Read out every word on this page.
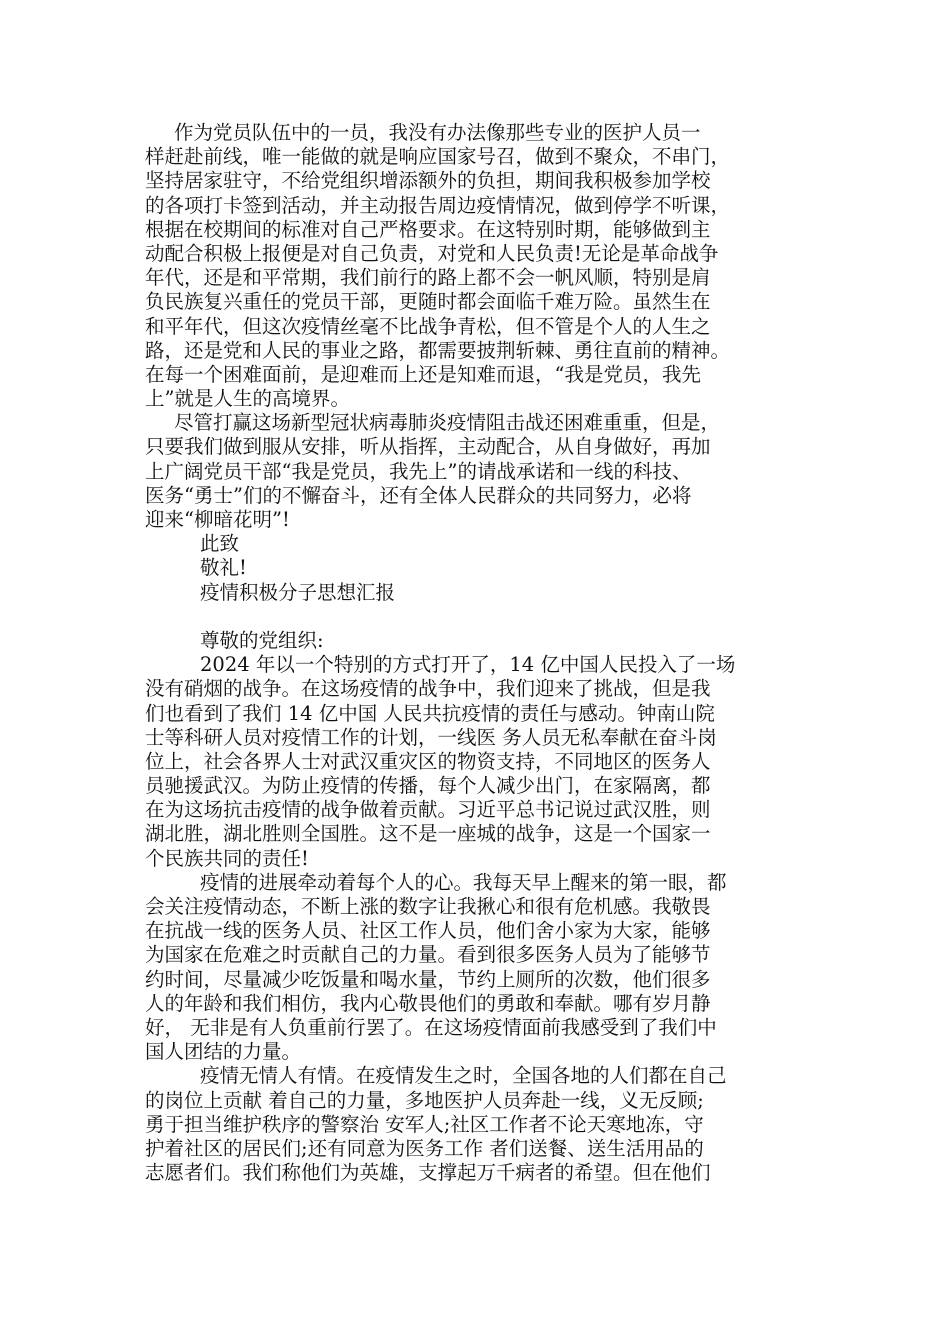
作为党员队伍中的一员，我没有办法像那些专业的医护人员一
样赶赴前线，唯一能做的就是响应国家号召，做到不聚众，不串门，
坚持居家驻守，不给党组织增添额外的负担，期间我积极参加学校
的各项打卡签到活动，并主动报告周边疫情情况，做到停学不听课，
根据在校期间的标准对自己严格要求。在这特别时期，能够做到主
动配合积极上报便是对自己负责，对党和人民负责!无论是革命战争
年代，还是和平常期，我们前行的路上都不会一帆风顺，特别是肩
负民族复兴重任的党员干部，更随时都会面临千难万险。虽然生在
和平年代，但这次疫情丝毫不比战争青松，但不管是个人的人生之
路，还是党和人民的事业之路，都需要披荆斩棘、勇往直前的精神。
在每一个困难面前，是迎难而上还是知难而退，“我是党员，我先
上”就是人生的高境界。
尽管打赢这场新型冠状病毒肺炎疫情阻击战还困难重重，但是，
只要我们做到服从安排，听从指挥，主动配合，从自身做好，再加
上广阔党员干部“我是党员，我先上”的请战承诺和一线的科技、
医务“勇士”们的不懈奋斗，还有全体人民群众的共同努力，必将
迎来“柳暗花明”!
此致
敬礼!
疫情积极分子思想汇报
尊敬的党组织:
2024 年以一个特别的方式打开了，14 亿中国人民投入了一场
没有硝烟的战争。在这场疫情的战争中，我们迎来了挑战，但是我
们也看到了我们 14 亿中国 人民共抗疫情的责任与感动。钟南山院
士等科研人员对疫情工作的计划，一线医 务人员无私奉献在奋斗岗
位上，社会各界人士对武汉重灾区的物资支持，不同地区的医务人
员驰援武汉。为防止疫情的传播，每个人减少出门，在家隔离，都
在为这场抗击疫情的战争做着贡献。习近平总书记说过武汉胜，则
湖北胜，湖北胜则全国胜。这不是一座城的战争，这是一个国家一
个民族共同的责任!
疫情的进展牵动着每个人的心。我每天早上醒来的第一眼，都
会关注疫情动态，不断上涨的数字让我揪心和很有危机感。我敬畏
在抗战一线的医务人员、社区工作人员，他们舍小家为大家，能够
为国家在危难之时贡献自己的力量。看到很多医务人员为了能够节
约时间，尽量减少吃饭量和喝水量，节约上厕所的次数，他们很多
人的年龄和我们相仿，我内心敬畏他们的勇敢和奉献。哪有岁月静
好， 无非是有人负重前行罢了。在这场疫情面前我感受到了我们中
国人团结的力量。
疫情无情人有情。在疫情发生之时，全国各地的人们都在自己
的岗位上贡献 着自己的力量，多地医护人员奔赴一线，义无反顾;
勇于担当维护秩序的警察治 安军人;社区工作者不论天寒地冻，守
护着社区的居民们;还有同意为医务工作 者们送餐、送生活用品的
志愿者们。我们称他们为英雄，支撑起万千病者的希望。但在他们
